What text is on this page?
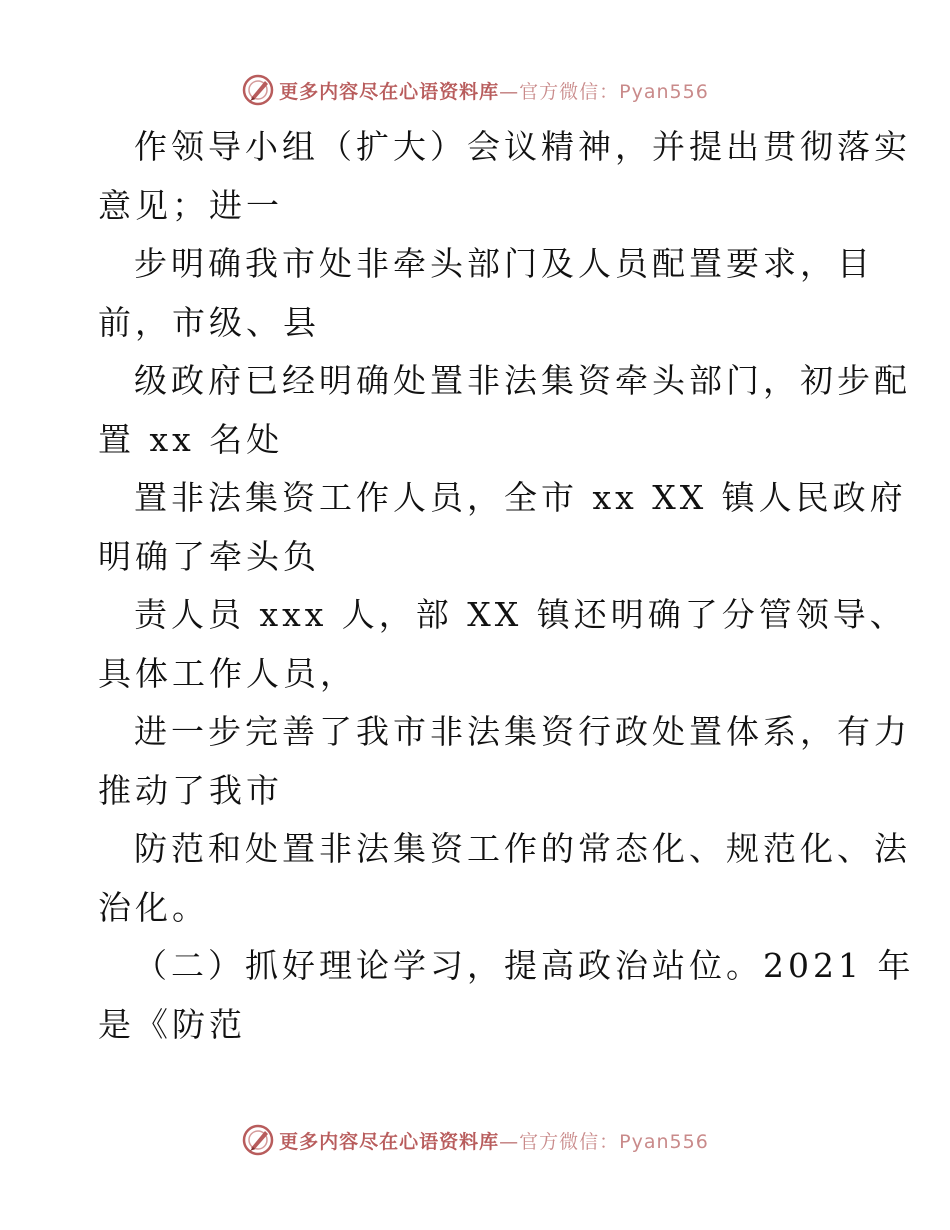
更多内容尽在心语资料库—官方微信：Pyan556
作领导小组（扩大）会议精神，并提出贯彻落实
意见；进一
步明确我市处非牵头部门及人员配置要求，目
前，市级、县
级政府已经明确处置非法集资牵头部门，初步配
置 xx 名处
置非法集资工作人员，全市 xx XX 镇人民政府
明确了牵头负
责人员 xxx 人，部 XX 镇还明确了分管领导、
具体工作人员，
进一步完善了我市非法集资行政处置体系，有力
推动了我市
防范和处置非法集资工作的常态化、规范化、法
治化。
（二）抓好理论学习，提高政治站位。2021 年
是《防范
更多内容尽在心语资料库—官方微信：Pyan556
